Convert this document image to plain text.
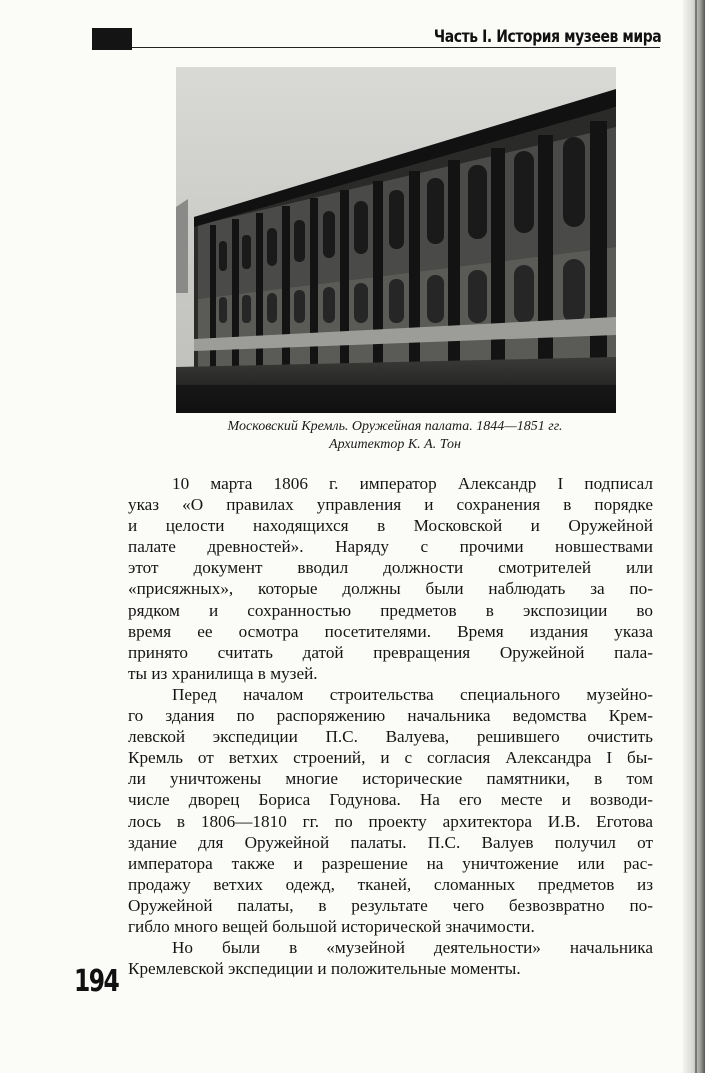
Часть I. История музеев мира
Московский Кремль. Оружейная палата. 1844—1851 гг.
Архитектор К. А. Тон
10 марта 1806 г. император Александр I подписал
указ «О правилах управления и сохранения в порядке
и целости находящихся в Московской и Оружейной
палате древностей». Наряду с прочими новшествами
этот документ вводил должности смотрителей или
«присяжных», которые должны были наблюдать за по-
рядком и сохранностью предметов в экспозиции во
время ее осмотра посетителями. Время издания указа
принято считать датой превращения Оружейной пала-
ты из хранилища в музей.
Перед началом строительства специального музейно-
го здания по распоряжению начальника ведомства Крем-
левской экспедиции П.С. Валуева, решившего очистить
Кремль от ветхих строений, и с согласия Александра I бы-
ли уничтожены многие исторические памятники, в том
числе дворец Бориса Годунова. На его месте и возводи-
лось в 1806—1810 гг. по проекту архитектора И.В. Еготова
здание для Оружейной палаты. П.С. Валуев получил от
императора также и разрешение на уничтожение или рас-
продажу ветхих одежд, тканей, сломанных предметов из
Оружейной палаты, в результате чего безвозвратно по-
гибло много вещей большой исторической значимости.
Но были в «музейной деятельности» начальника
Кремлевской экспедиции и положительные моменты.
194
